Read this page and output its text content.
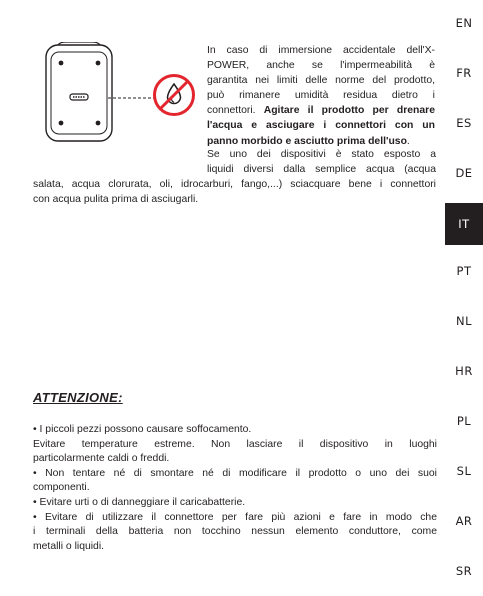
In caso di immersione accidentale dell'X-
POWER, anche se l'impermeabilità è
garantita nei limiti delle norme del prodotto,
può rimanere umidità residua dietro i
connettori. Agitare il prodotto per drenare
l'acqua e asciugare i connettori con un
panno morbido e asciutto prima dell'uso.

Se uno dei dispositivi è stato esposto a
liquidi diversi dalla semplice acqua (acqua
salata, acqua clorurata, oli, idrocarburi, fango,...) sciacquare bene i connettori
con acqua pulita prima di asciugarli.

ATTENZIONE:

• I piccoli pezzi possono causare soffocamento.

Evitare temperature estreme. Non lasciare il dispositivo in luoghi

particolarmente caldi o freddi.

• Non tentare né di smontare né di modificare il prodotto o uno dei suoi

componenti.

• Evitare urti o di danneggiare il caricabatterie.

• Evitare di utilizzare il connettore per fare più azioni e fare in modo che

i terminali della batteria non tocchino nessun elemento conduttore, come

metalli o liquidi.

EN
FR
ES
DE
IT
PT
NL
HR
PL
SL
AR
SR
